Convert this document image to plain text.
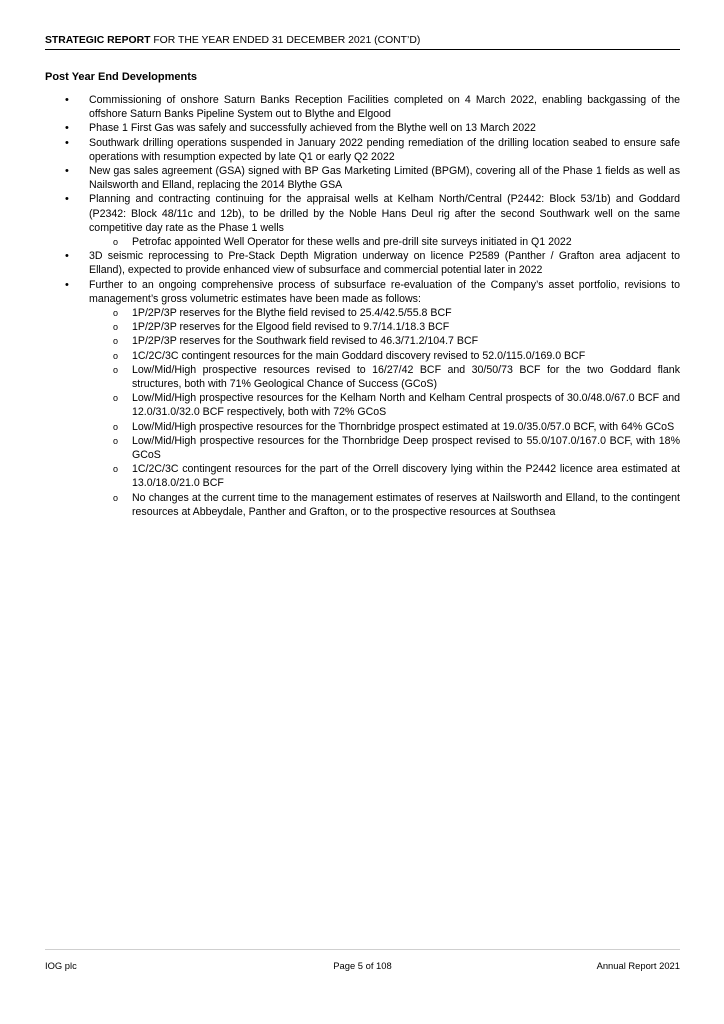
STRATEGIC REPORT FOR THE YEAR ENDED 31 DECEMBER 2021 (CONT’D)
Post Year End Developments
• Commissioning of onshore Saturn Banks Reception Facilities completed on 4 March 2022, enabling backgassing of the offshore Saturn Banks Pipeline System out to Blythe and Elgood
• Phase 1 First Gas was safely and successfully achieved from the Blythe well on 13 March 2022
• Southwark drilling operations suspended in January 2022 pending remediation of the drilling location seabed to ensure safe operations with resumption expected by late Q1 or early Q2 2022
• New gas sales agreement (GSA) signed with BP Gas Marketing Limited (BPGM), covering all of the Phase 1 fields as well as Nailsworth and Elland, replacing the 2014 Blythe GSA
• Planning and contracting continuing for the appraisal wells at Kelham North/Central (P2442: Block 53/1b) and Goddard (P2342: Block 48/11c and 12b), to be drilled by the Noble Hans Deul rig after the second Southwark well on the same competitive day rate as the Phase 1 wells
o Petrofac appointed Well Operator for these wells and pre-drill site surveys initiated in Q1 2022
• 3D seismic reprocessing to Pre-Stack Depth Migration underway on licence P2589 (Panther / Grafton area adjacent to Elland), expected to provide enhanced view of subsurface and commercial potential later in 2022
• Further to an ongoing comprehensive process of subsurface re-evaluation of the Company’s asset portfolio, revisions to management’s gross volumetric estimates have been made as follows:
o 1P/2P/3P reserves for the Blythe field revised to 25.4/42.5/55.8 BCF
o 1P/2P/3P reserves for the Elgood field revised to 9.7/14.1/18.3 BCF
o 1P/2P/3P reserves for the Southwark field revised to 46.3/71.2/104.7 BCF
o 1C/2C/3C contingent resources for the main Goddard discovery revised to 52.0/115.0/169.0 BCF
o Low/Mid/High prospective resources revised to 16/27/42 BCF and 30/50/73 BCF for the two Goddard flank structures, both with 71% Geological Chance of Success (GCoS)
o Low/Mid/High prospective resources for the Kelham North and Kelham Central prospects of 30.0/48.0/67.0 BCF and 12.0/31.0/32.0 BCF respectively, both with 72% GCoS
o Low/Mid/High prospective resources for the Thornbridge prospect estimated at 19.0/35.0/57.0 BCF, with 64% GCoS
o Low/Mid/High prospective resources for the Thornbridge Deep prospect revised to 55.0/107.0/167.0 BCF, with 18% GCoS
o 1C/2C/3C contingent resources for the part of the Orrell discovery lying within the P2442 licence area estimated at 13.0/18.0/21.0 BCF
o No changes at the current time to the management estimates of reserves at Nailsworth and Elland, to the contingent resources at Abbeydale, Panther and Grafton, or to the prospective resources at Southsea
IOG plc	Page 5 of 108	Annual Report 2021
